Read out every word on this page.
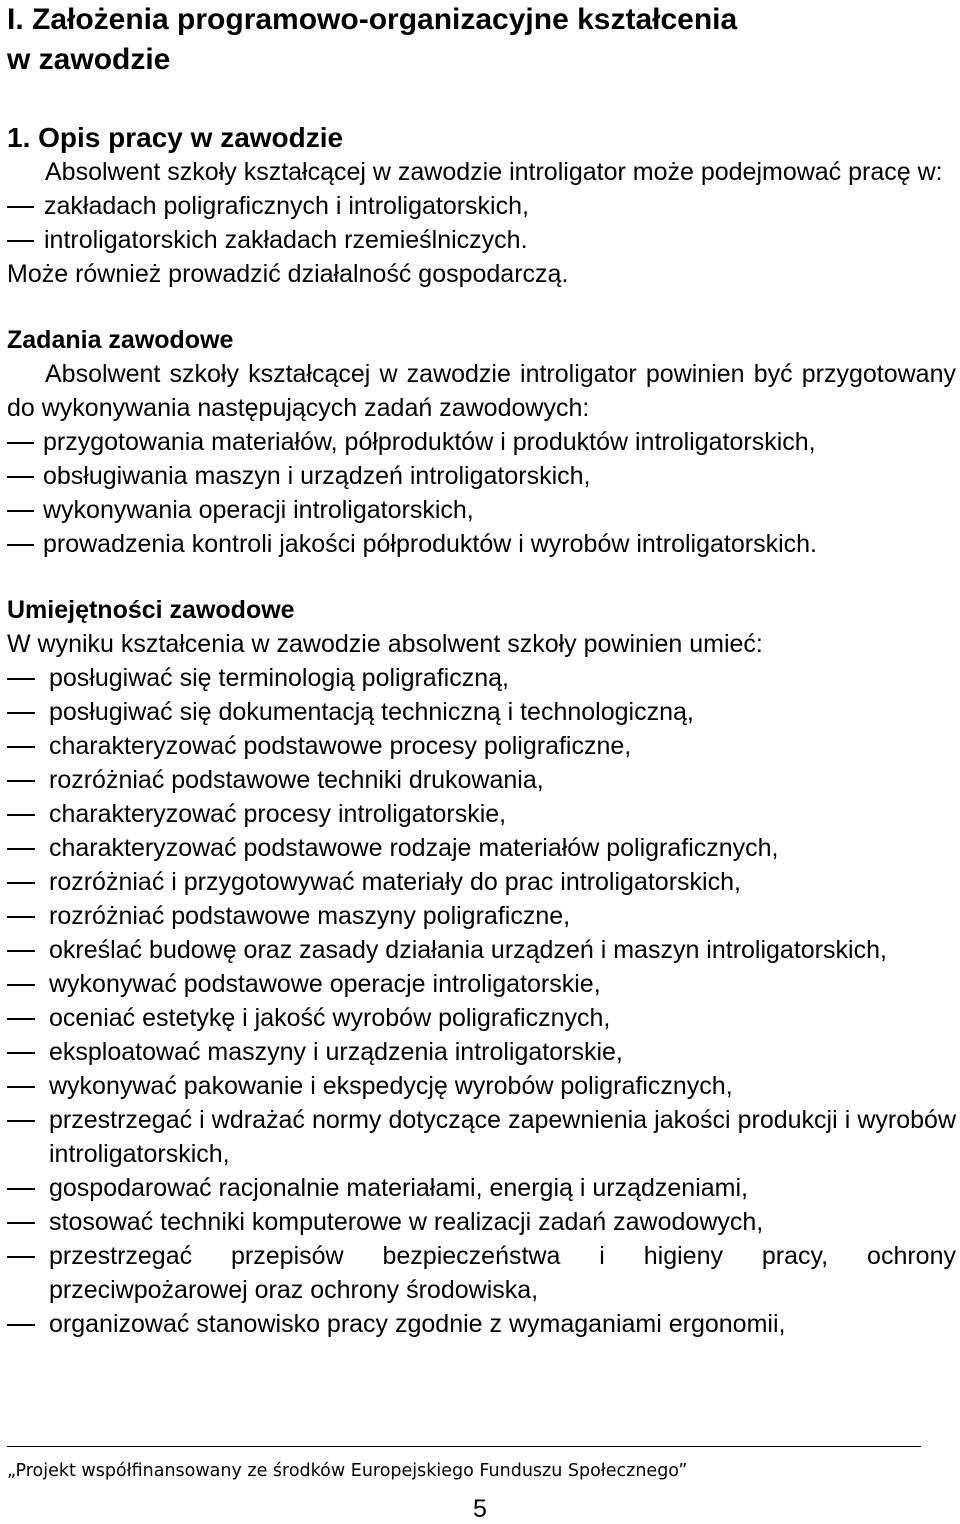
I. Założenia programowo-organizacyjne kształcenia
w zawodzie
1. Opis pracy w zawodzie

Absolwent szkoły kształcącej w zawodzie introligator może podejmować pracę w:

zakładach poligraficznych i introligatorskich,
introligatorskich zakładach rzemieślniczych.

Może również prowadzić działalność gospodarczą.

Zadania zawodowe

Absolwent szkoły kształcącej w zawodzie introligator powinien być przygotowany do wykonywania następujących zadań zawodowych:

przygotowania materiałów, półproduktów i produktów introligatorskich,
obsługiwania maszyn i urządzeń introligatorskich,
wykonywania operacji introligatorskich,
prowadzenia kontroli jakości półproduktów i wyrobów introligatorskich.
Umiejętności zawodowe

W wyniku kształcenia w zawodzie absolwent szkoły powinien umieć:

posługiwać się terminologią poligraficzną,
posługiwać się dokumentacją techniczną i technologiczną,
charakteryzować podstawowe procesy poligraficzne,
rozróżniać podstawowe techniki drukowania,
charakteryzować procesy introligatorskie,
charakteryzować podstawowe rodzaje materiałów poligraficznych,
rozróżniać i przygotowywać materiały do prac introligatorskich,
rozróżniać podstawowe maszyny poligraficzne,
określać budowę oraz zasady działania urządzeń i maszyn introligatorskich,
wykonywać podstawowe operacje introligatorskie,
oceniać estetykę i jakość wyrobów poligraficznych,
eksploatować maszyny i urządzenia introligatorskie,
wykonywać pakowanie i ekspedycję wyrobów poligraficznych,
przestrzegać i wdrażać normy dotyczące zapewnienia jakości produkcji i wyrobów introligatorskich,
gospodarować racjonalnie materiałami, energią i urządzeniami,
stosować techniki komputerowe w realizacji zadań zawodowych,
przestrzegać przepisów bezpieczeństwa i higieny pracy, ochrony przeciwpożarowej oraz ochrony środowiska,
organizować stanowisko pracy zgodnie z wymaganiami ergonomii,
„Projekt współfinansowany ze środków Europejskiego Funduszu Społecznego”
5
